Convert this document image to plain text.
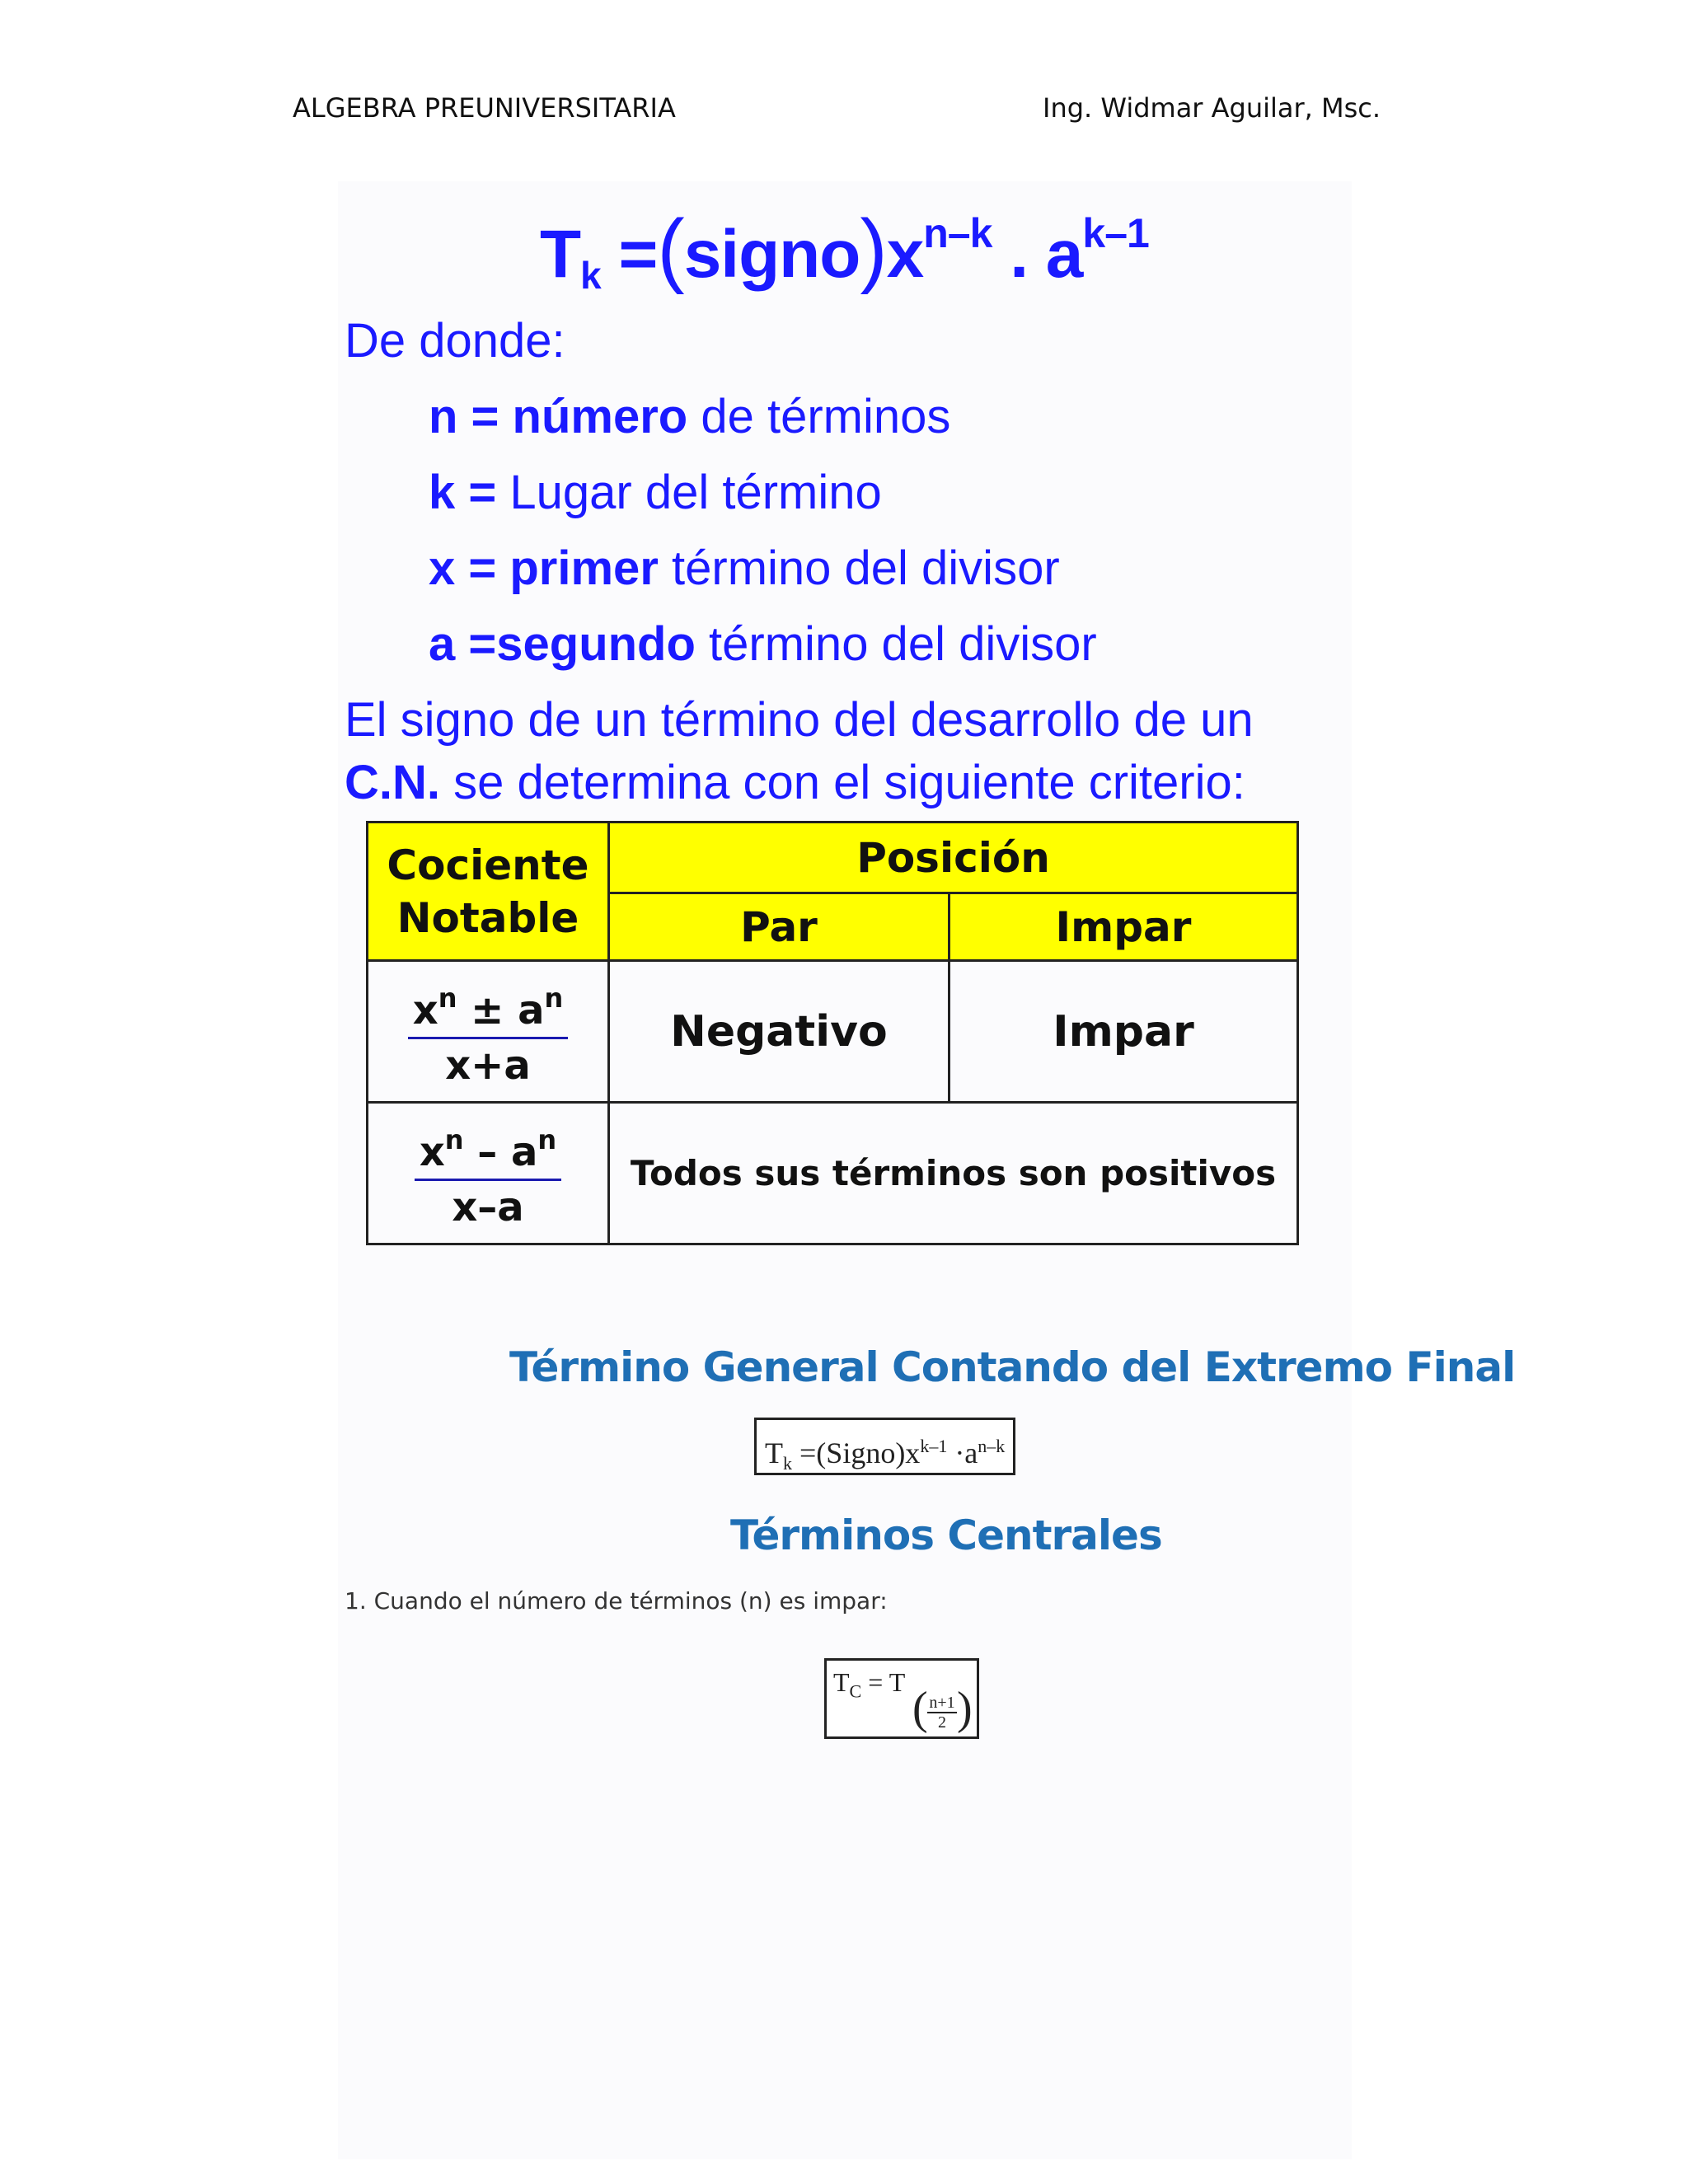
ALGEBRA PREUNIVERSITARIA	Ing. Widmar Aguilar, Msc.
$T_k$ $=(signo)x^{n-k}$ . $a^{k-1}$
De donde:
n = número de términos
k = Lugar del término
x = primer término del divisor
a =segundo término del divisor
El signo de un término del desarrollo de un
C.N. se determina con el siguiente criterio:
Cociente Notable	Posición	
	Par	Impar

$\frac{x^n \pm a^n}{x+a}$	Negativo	Impar

$\frac{x^n - a^n}{x-a}$	Todos sus términos son positivos	
Término General Contando del Extremo Final
$T_k$ $=(Signo)x^{k-1} \cdot a^{n-k}$
Términos Centrales
1. Cuando el número de términos (n) es impar:
$T_C = T$
( $\frac{n+1}{2}$ )
